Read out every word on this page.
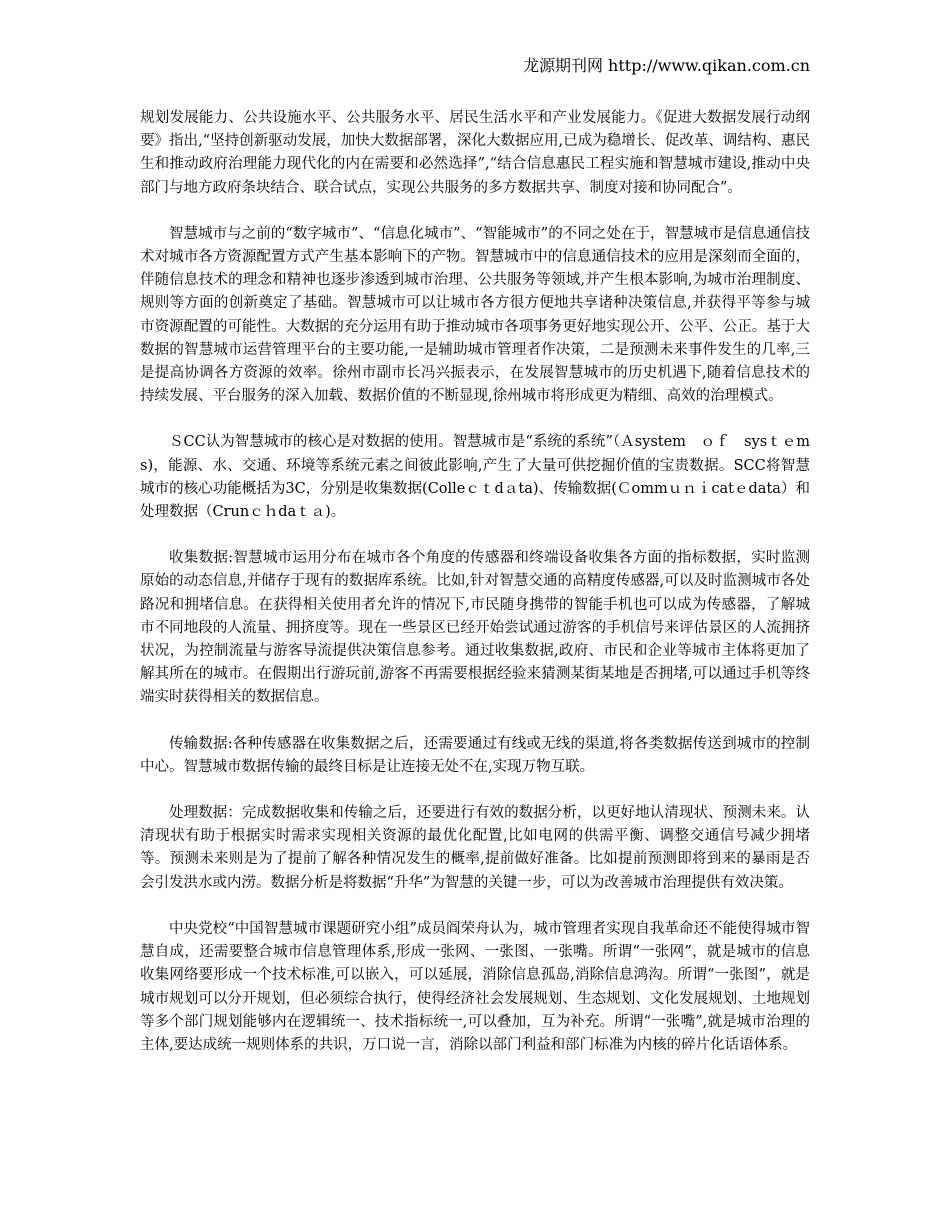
龙源期刊网 http://www.qikan.com.cn

规划发展能力、公共设施水平、公共服务水平、居民生活水平和产业发展能力。《促进大数据发展行动纲要》指出,“坚持创新驱动发展，加快大数据部署，深化大数据应用,已成为稳增长、促改革、调结构、惠民生和推动政府治理能力现代化的内在需要和必然选择”,“结合信息惠民工程实施和智慧城市建设,推动中央部门与地方政府条块结合、联合试点，实现公共服务的多方数据共享、制度对接和协同配合”。

智慧城市与之前的“数字城市”、“信息化城市”、“智能城市”的不同之处在于，智慧城市是信息通信技术对城市各方资源配置方式产生基本影响下的产物。智慧城市中的信息通信技术的应用是深刻而全面的，伴随信息技术的理念和精神也逐步渗透到城市治理、公共服务等领域,并产生根本影响,为城市治理制度、规则等方面的创新奠定了基础。智慧城市可以让城市各方很方便地共享诸种决策信息,并获得平等参与城市资源配置的可能性。大数据的充分运用有助于推动城市各项事务更好地实现公开、公平、公正。基于大数据的智慧城市运营管理平台的主要功能,一是辅助城市管理者作决策，二是预测未来事件发生的几率,三是提高协调各方资源的效率。徐州市副市长冯兴振表示，在发展智慧城市的历史机遇下,随着信息技术的持续发展、平台服务的深入加载、数据价值的不断显现,徐州城市将形成更为精细、高效的治理模式。

ＳCC认为智慧城市的核心是对数据的使用。智慧城市是“系统的系统”（Ａsystem　ｏｆ　sysｔｅms)，能源、水、交通、环境等系统元素之间彼此影响,产生了大量可供挖掘价值的宝贵数据。SCC将智慧城市的核心功能概括为3C，分别是收集数据(Colleｃｔdａta)、传输数据(Ｃommｕｎｉcatｅdata）和处理数据（Crunｃｈdaｔａ)。

收集数据:智慧城市运用分布在城市各个角度的传感器和终端设备收集各方面的指标数据，实时监测原始的动态信息,并储存于现有的数据库系统。比如,针对智慧交通的高精度传感器,可以及时监测城市各处路况和拥堵信息。在获得相关使用者允许的情况下,市民随身携带的智能手机也可以成为传感器，了解城市不同地段的人流量、拥挤度等。现在一些景区已经开始尝试通过游客的手机信号来评估景区的人流拥挤状况，为控制流量与游客导流提供决策信息参考。通过收集数据,政府、市民和企业等城市主体将更加了解其所在的城市。在假期出行游玩前,游客不再需要根据经验来猜测某街某地是否拥堵,可以通过手机等终端实时获得相关的数据信息。

传输数据:各种传感器在收集数据之后，还需要通过有线或无线的渠道,将各类数据传送到城市的控制中心。智慧城市数据传输的最终目标是让连接无处不在,实现万物互联。

处理数据：完成数据收集和传输之后，还要进行有效的数据分析，以更好地认清现状、预测未来。认清现状有助于根据实时需求实现相关资源的最优化配置,比如电网的供需平衡、调整交通信号减少拥堵等。预测未来则是为了提前了解各种情况发生的概率,提前做好准备。比如提前预测即将到来的暴雨是否会引发洪水或内涝。数据分析是将数据“升华”为智慧的关键一步，可以为改善城市治理提供有效决策。

中央党校“中国智慧城市课题研究小组”成员阎荣舟认为，城市管理者实现自我革命还不能使得城市智慧自成，还需要整合城市信息管理体系,形成一张网、一张图、一张嘴。所谓“一张网”，就是城市的信息收集网络要形成一个技术标准,可以嵌入，可以延展，消除信息孤岛,消除信息鸿沟。所谓“一张图”，就是城市规划可以分开规划，但必须综合执行，使得经济社会发展规划、生态规划、文化发展规划、土地规划等多个部门规划能够内在逻辑统一、技术指标统一,可以叠加，互为补充。所谓“一张嘴”,就是城市治理的主体,要达成统一规则体系的共识，万口说一言，消除以部门利益和部门标准为内核的碎片化话语体系。
